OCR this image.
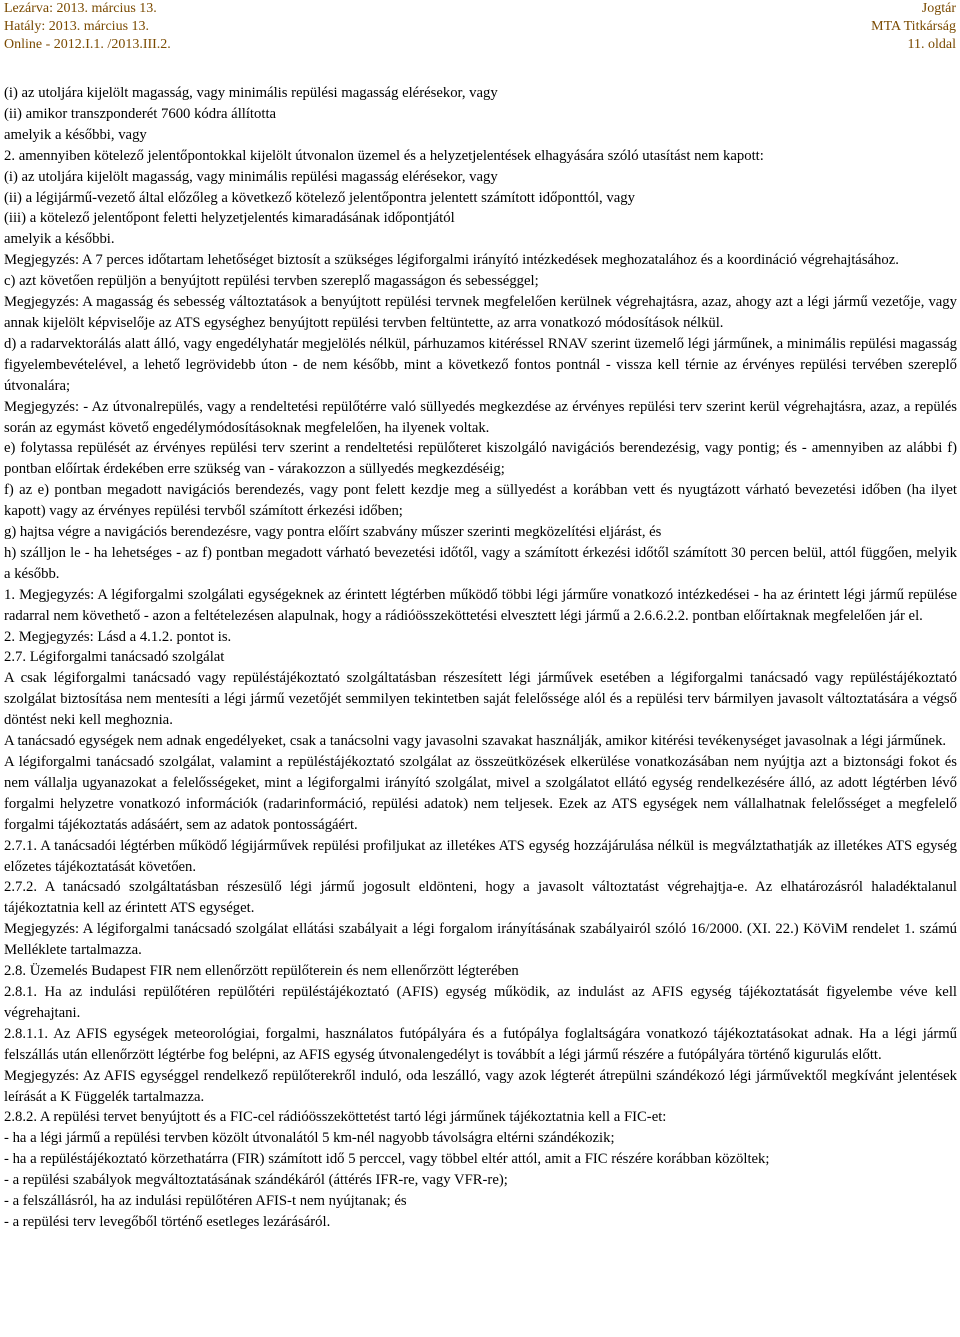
Lezárva: 2013. március 13.
Hatály: 2013. március 13.
Online - 2012.I.1. /2013.III.2.
Jogtár
MTA Titkárság
11. oldal

(i) az utoljára kijelölt magasság, vagy minimális repülési magasság elérésekor, vagy

(ii) amikor transzponderét 7600 kódra állította

amelyik a későbbi, vagy

2. amennyiben kötelező jelentőpontokkal kijelölt útvonalon üzemel és a helyzetjelentések elhagyására szóló utasítást nem kapott:

(i) az utoljára kijelölt magasság, vagy minimális repülési magasság elérésekor, vagy

(ii) a légijármű-vezető által előzőleg a következő kötelező jelentőpontra jelentett számított időponttól, vagy

(iii) a kötelező jelentőpont feletti helyzetjelentés kimaradásának időpontjától

amelyik a későbbi.

Megjegyzés: A 7 perces időtartam lehetőséget biztosít a szükséges légiforgalmi irányító intézkedések meghozatalához és a koordináció végrehajtásához.

c) azt követően repüljön a benyújtott repülési tervben szereplő magasságon és sebességgel;

Megjegyzés: A magasság és sebesség változtatások a benyújtott repülési tervnek megfelelően kerülnek végrehajtásra, azaz, ahogy azt a légi jármű vezetője, vagy annak kijelölt képviselője az ATS egységhez benyújtott repülési tervben feltüntette, az arra vonatkozó módosítások nélkül.

d) a radarvektorálás alatt álló, vagy engedélyhatár megjelölés nélkül, párhuzamos kitéréssel RNAV szerint üzemelő légi járműnek, a minimális repülési magasság figyelembevételével, a lehető legrövidebb úton - de nem később, mint a következő fontos pontnál - vissza kell térnie az érvényes repülési tervében szereplő útvonalára;

Megjegyzés: - Az útvonalrepülés, vagy a rendeltetési repülőtérre való süllyedés megkezdése az érvényes repülési terv szerint kerül végrehajtásra, azaz, a repülés során az egymást követő engedélymódosításoknak megfelelően, ha ilyenek voltak.

e) folytassa repülését az érvényes repülési terv szerint a rendeltetési repülőteret kiszolgáló navigációs berendezésig, vagy pontig; és - amennyiben az alábbi f) pontban előírtak érdekében erre szükség van - várakozzon a süllyedés megkezdéséig;

f) az e) pontban megadott navigációs berendezés, vagy pont felett kezdje meg a süllyedést a korábban vett és nyugtázott várható bevezetési időben (ha ilyet kapott) vagy az érvényes repülési tervből számított érkezési időben;

g) hajtsa végre a navigációs berendezésre, vagy pontra előírt szabvány műszer szerinti megközelítési eljárást, és

h) szálljon le - ha lehetséges - az f) pontban megadott várható bevezetési időtől, vagy a számított érkezési időtől számított 30 percen belül, attól függően, melyik a később.

1. Megjegyzés: A légiforgalmi szolgálati egységeknek az érintett légtérben működő többi légi járműre vonatkozó intézkedései - ha az érintett légi jármű repülése radarral nem követhető - azon a feltételezésen alapulnak, hogy a rádióösszeköttetési elvesztett légi jármű a 2.6.6.2.2. pontban előírtaknak megfelelően jár el.

2. Megjegyzés: Lásd a 4.1.2. pontot is.

2.7. Légiforgalmi tanácsadó szolgálat

A csak légiforgalmi tanácsadó vagy repüléstájékoztató szolgáltatásban részesített légi járművek esetében a légiforgalmi tanácsadó vagy repüléstájékoztató szolgálat biztosítása nem mentesíti a légi jármű vezetőjét semmilyen tekintetben saját felelőssége alól és a repülési terv bármilyen javasolt változtatására a végső döntést neki kell meghoznia.

A tanácsadó egységek nem adnak engedélyeket, csak a tanácsolni vagy javasolni szavakat használják, amikor kitérési tevékenységet javasolnak a légi járműnek.

A légiforgalmi tanácsadó szolgálat, valamint a repüléstájékoztató szolgálat az összeütközések elkerülése vonatkozásában nem nyújtja azt a biztonsági fokot és nem vállalja ugyanazokat a felelősségeket, mint a légiforgalmi irányító szolgálat, mivel a szolgálatot ellátó egység rendelkezésére álló, az adott légtérben lévő forgalmi helyzetre vonatkozó információk (radarinformáció, repülési adatok) nem teljesek. Ezek az ATS egységek nem vállalhatnak felelősséget a megfelelő forgalmi tájékoztatás adásáért, sem az adatok pontosságáért.

2.7.1. A tanácsadói légtérben működő légijárművek repülési profiljukat az illetékes ATS egység hozzájárulása nélkül is megválztathatják az illetékes ATS egység előzetes tájékoztatását követően.

2.7.2. A tanácsadó szolgáltatásban részesülő légi jármű jogosult eldönteni, hogy a javasolt változtatást végrehajtja-e. Az elhatározásról haladéktalanul tájékoztatnia kell az érintett ATS egységet.

Megjegyzés: A légiforgalmi tanácsadó szolgálat ellátási szabályait a légi forgalom irányításának szabályairól szóló 16/2000. (XI. 22.) KöViM rendelet 1. számú Melléklete tartalmazza.

2.8. Üzemelés Budapest FIR nem ellenőrzött repülőterein és nem ellenőrzött légterében

2.8.1. Ha az indulási repülőtéren repülőtéri repüléstájékoztató (AFIS) egység működik, az indulást az AFIS egység tájékoztatását figyelembe véve kell végrehajtani.

2.8.1.1. Az AFIS egységek meteorológiai, forgalmi, használatos futópályára és a futópálya foglaltságára vonatkozó tájékoztatásokat adnak. Ha a légi jármű felszállás után ellenőrzött légtérbe fog belépni, az AFIS egység útvonalengedélyt is továbbít a légi jármű részére a futópályára történő kigurulás előtt.

Megjegyzés: Az AFIS egységgel rendelkező repülőterekről induló, oda leszálló, vagy azok légterét átrepülni szándékozó légi járművektől megkívánt jelentések leírását a K Függelék tartalmazza.

2.8.2. A repülési tervet benyújtott és a FIC-cel rádióösszeköttetést tartó légi járműnek tájékoztatnia kell a FIC-et:

- ha a légi jármű a repülési tervben közölt útvonalától 5 km-nél nagyobb távolságra eltérni szándékozik;

- ha a repüléstájékoztató körzethatárra (FIR) számított idő 5 perccel, vagy többel eltér attól, amit a FIC részére korábban közöltek;

- a repülési szabályok megváltoztatásának szándékáról (áttérés IFR-re, vagy VFR-re);

- a felszállásról, ha az indulási repülőtéren AFIS-t nem nyújtanak; és

- a repülési terv levegőből történő esetleges lezárásáról.
